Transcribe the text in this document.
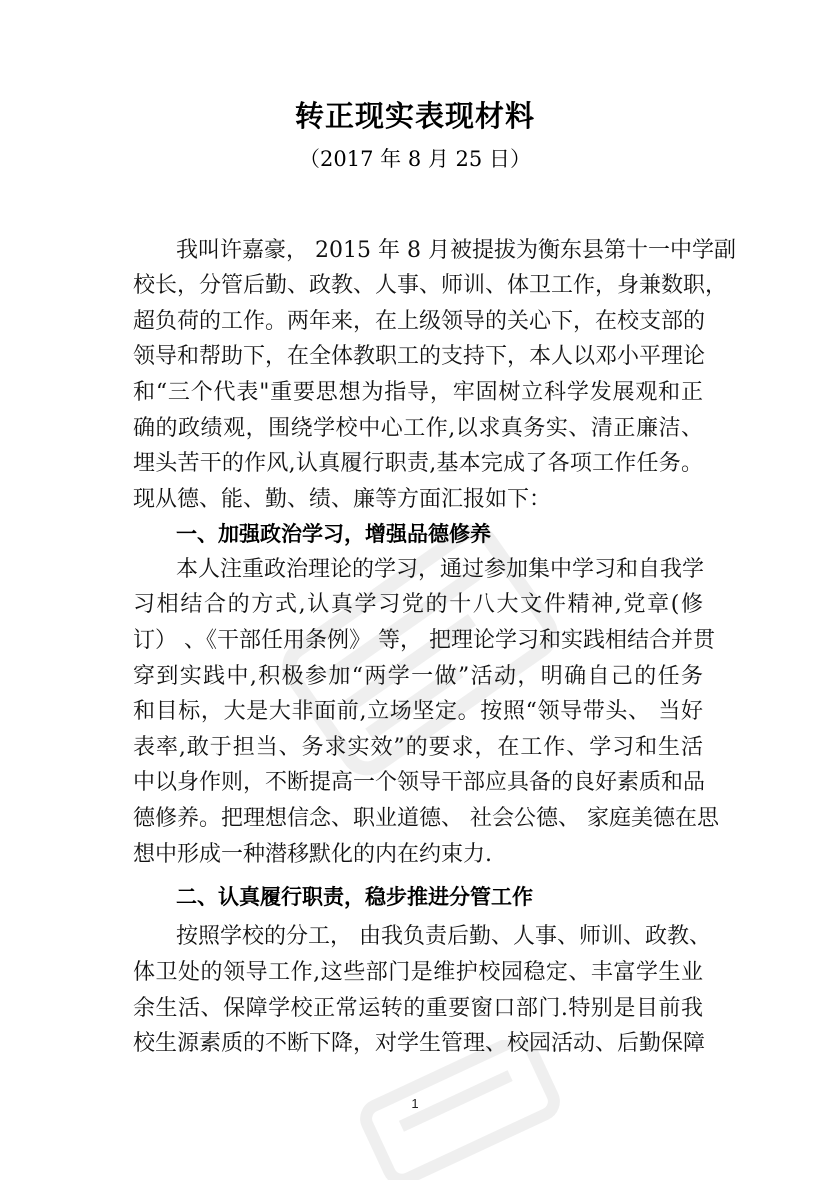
转正现实表现材料
（2017 年 8 月 25 日）
我叫许嘉豪， 2015 年 8 月被提拔为衡东县第十一中学副
校长，分管后勤、政教、人事、师训、体卫工作，身兼数职，
超负荷的工作。两年来，在上级领导的关心下，在校支部的
领导和帮助下，在全体教职工的支持下，本人以邓小平理论
和“三个代表"重要思想为指导，牢固树立科学发展观和正
确的政绩观，围绕学校中心工作,以求真务实、清正廉洁、
埋头苦干的作风,认真履行职责,基本完成了各项工作任务。
现从德、能、勤、绩、廉等方面汇报如下：
一、加强政治学习，增强品德修养
本人注重政治理论的学习，通过参加集中学习和自我学
习相结合的方式,认真学习党的十八大文件精神,党章(修
订） 、《干部任用条例》 等， 把理论学习和实践相结合并贯
穿到实践中,积极参加“两学一做”活动，明确自己的任务
和目标，大是大非面前,立场坚定。按照“领导带头、 当好
表率,敢于担当、务求实效”的要求，在工作、学习和生活
中以身作则，不断提高一个领导干部应具备的良好素质和品
德修养。把理想信念、职业道德、 社会公德、 家庭美德在思
想中形成一种潜移默化的内在约束力.
二、认真履行职责，稳步推进分管工作
按照学校的分工， 由我负责后勤、人事、师训、政教、
体卫处的领导工作,这些部门是维护校园稳定、丰富学生业
余生活、保障学校正常运转的重要窗口部门.特别是目前我
校生源素质的不断下降，对学生管理、校园活动、后勤保障
1
